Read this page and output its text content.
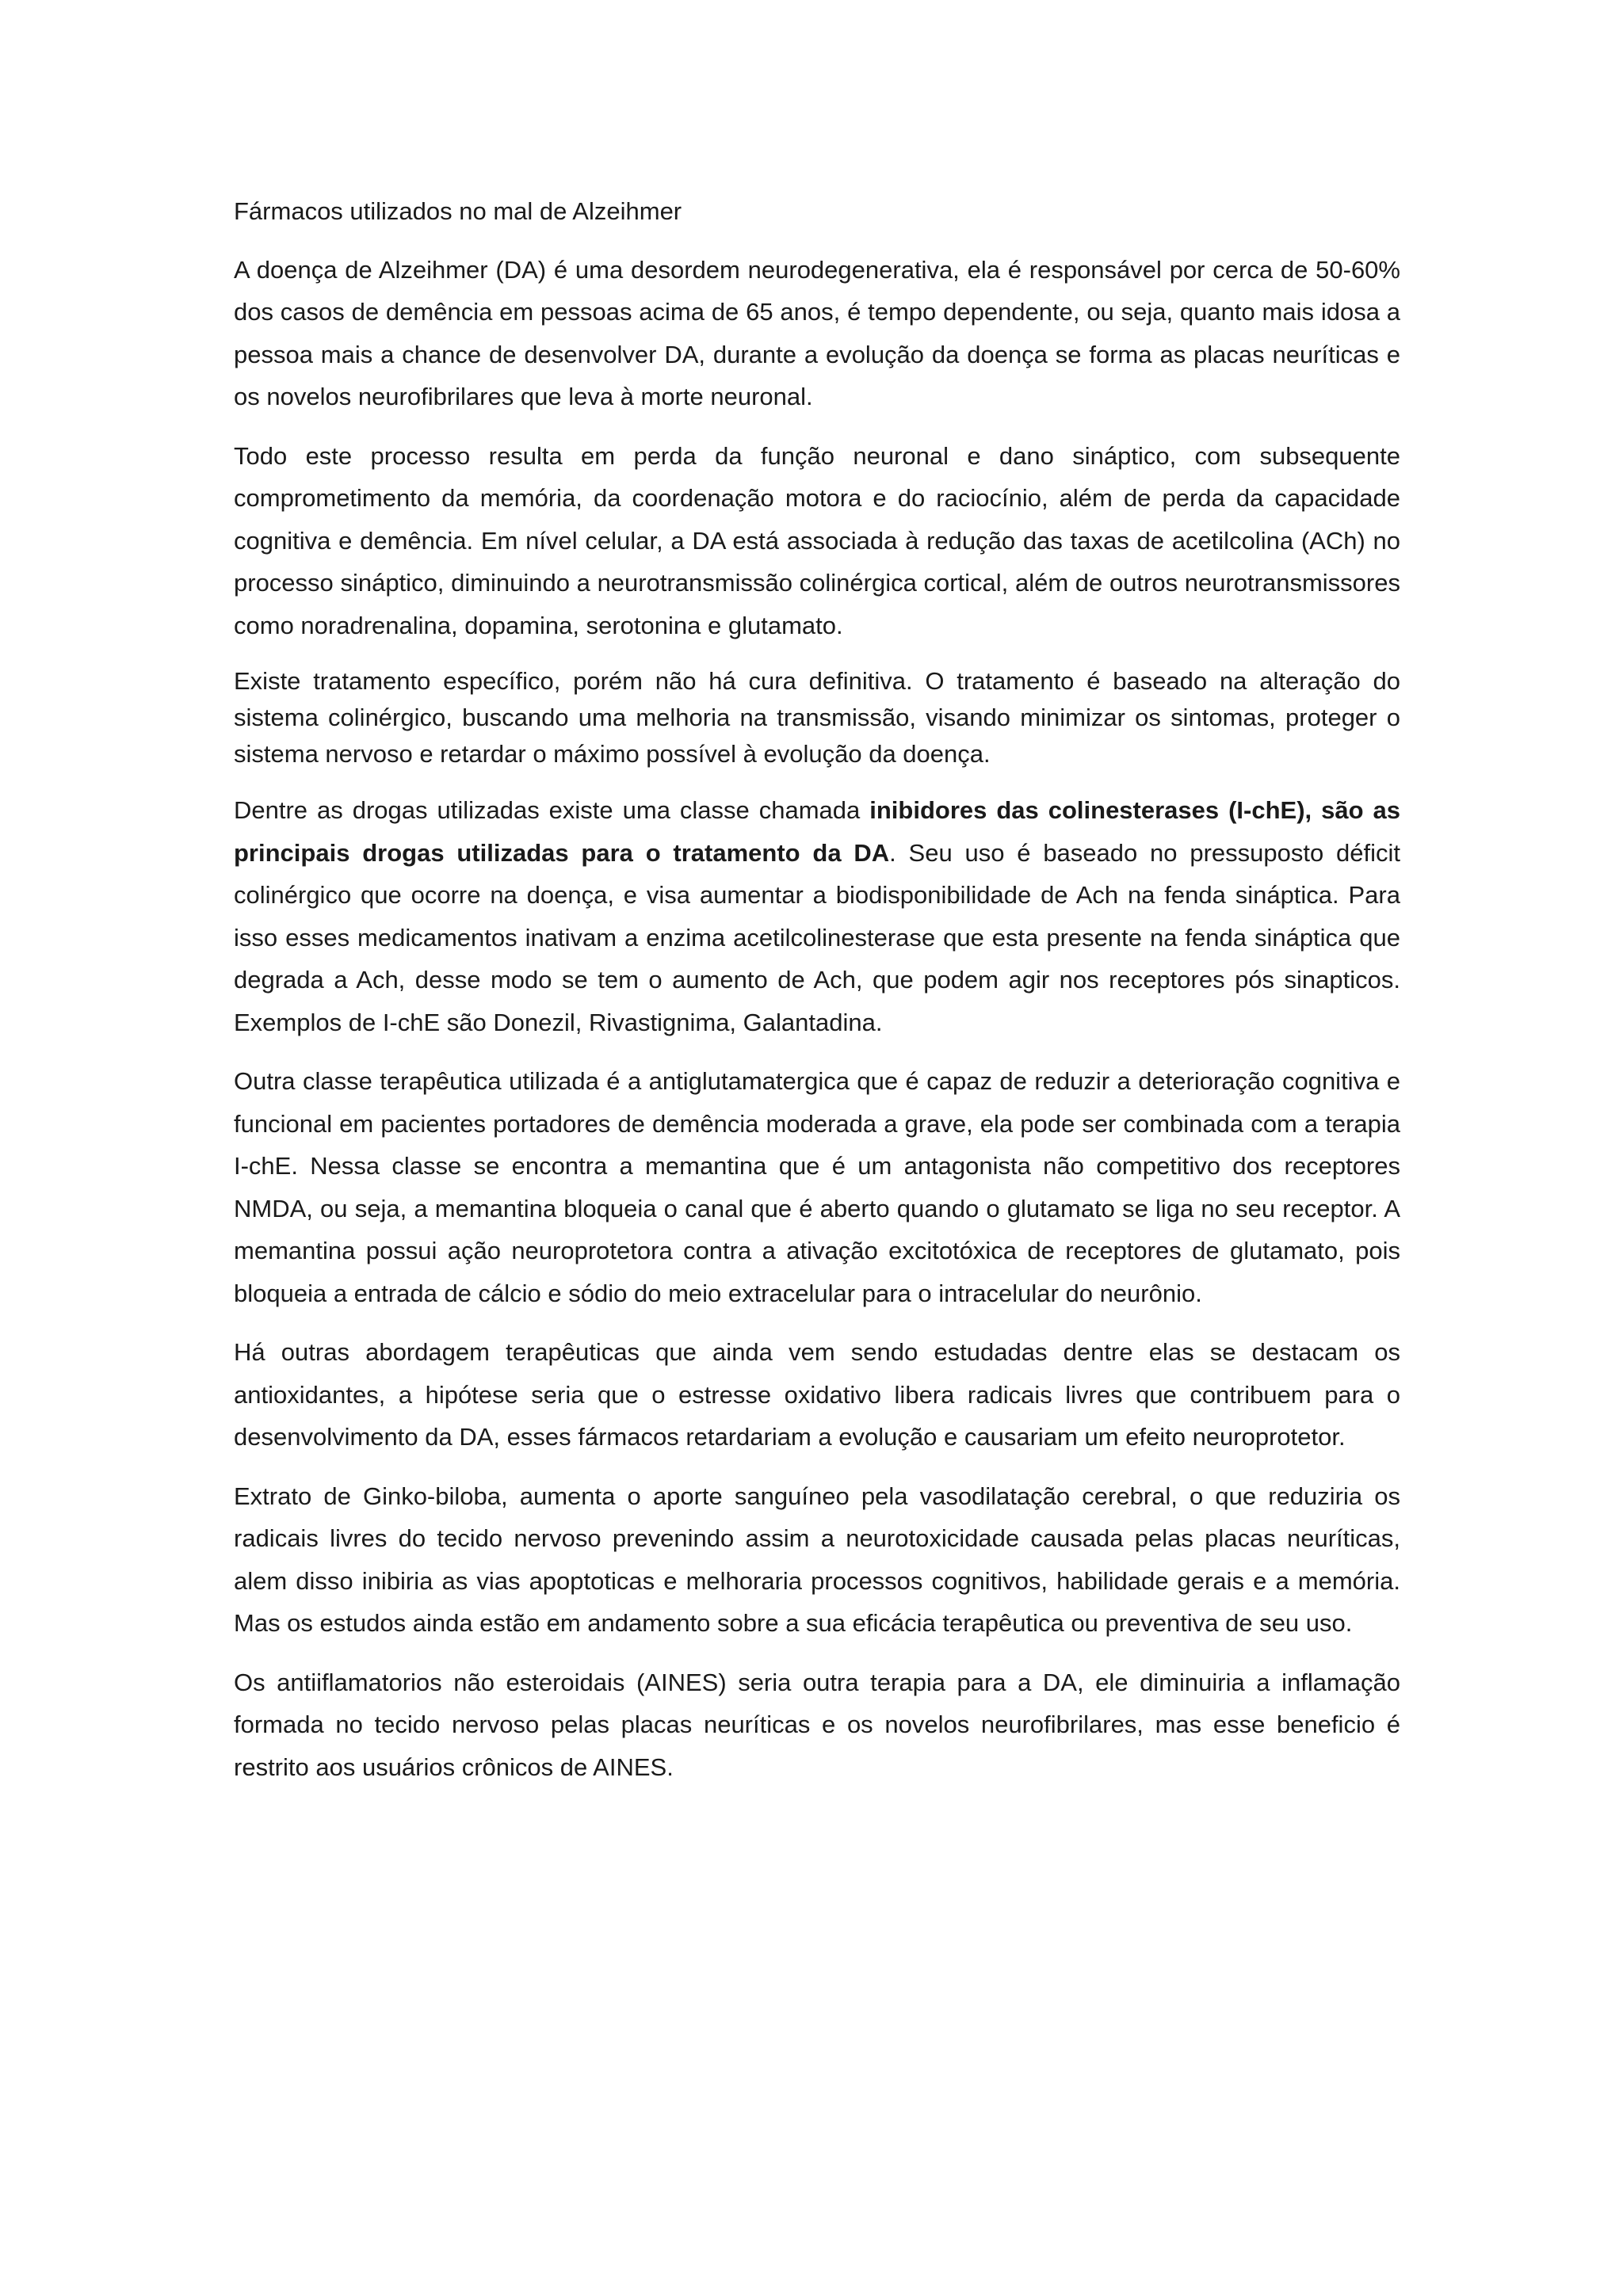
Fármacos utilizados no mal de Alzeihmer

A doença de Alzeihmer (DA) é uma desordem neurodegenerativa, ela é responsável por cerca de 50-60% dos casos de demência em pessoas acima de 65 anos, é tempo dependente, ou seja, quanto mais idosa a pessoa mais a chance de desenvolver DA, durante a evolução da doença se forma as placas neuríticas e os novelos neurofibrilares que leva à morte neuronal.

Todo este processo resulta em perda da função neuronal e dano sináptico, com subsequente comprometimento da memória, da coordenação motora e do raciocínio, além de perda da capacidade cognitiva e demência. Em nível celular, a DA está associada à redução das taxas de acetilcolina (ACh) no processo sináptico, diminuindo a neurotransmissão colinérgica cortical, além de outros neurotransmissores como noradrenalina, dopamina, serotonina e glutamato.

Existe tratamento específico, porém não há cura definitiva. O tratamento é baseado na alteração do sistema colinérgico, buscando uma melhoria na transmissão, visando minimizar os sintomas, proteger o sistema nervoso e retardar o máximo possível à evolução da doença.

Dentre as drogas utilizadas existe uma classe chamada inibidores das colinesterases (I-chE), são as principais drogas utilizadas para o tratamento da DA. Seu uso é baseado no pressuposto déficit colinérgico que ocorre na doença, e visa aumentar a biodisponibilidade de Ach na fenda sináptica. Para isso esses medicamentos inativam a enzima acetilcolinesterase que esta presente na fenda sináptica que degrada a Ach, desse modo se tem o aumento de Ach, que podem agir nos receptores pós sinapticos. Exemplos de I-chE são Donezil, Rivastignima, Galantadina.

Outra classe terapêutica utilizada é a antiglutamatergica que é capaz de reduzir a deterioração cognitiva e funcional em pacientes portadores de demência moderada a grave, ela pode ser combinada com a terapia I-chE. Nessa classe se encontra a memantina que é um antagonista não competitivo dos receptores NMDA, ou seja, a memantina bloqueia o canal que é aberto quando o glutamato se liga no seu receptor. A memantina possui ação neuroprotetora contra a ativação excitotóxica de receptores de glutamato, pois bloqueia a entrada de cálcio e sódio do meio extracelular para o intracelular do neurônio.

Há outras abordagem terapêuticas que ainda vem sendo estudadas dentre elas se destacam os antioxidantes, a hipótese seria que o estresse oxidativo libera radicais livres que contribuem para o desenvolvimento da DA, esses fármacos retardariam a evolução e causariam um efeito neuroprotetor.

Extrato de Ginko-biloba, aumenta o aporte sanguíneo pela vasodilatação cerebral, o que reduziria os radicais livres do tecido nervoso prevenindo assim a neurotoxicidade causada pelas placas neuríticas, alem disso inibiria as vias apoptoticas e melhoraria processos cognitivos, habilidade gerais e a memória. Mas os estudos ainda estão em andamento sobre a sua eficácia terapêutica ou preventiva de seu uso.

Os antiiflamatorios não esteroidais (AINES) seria outra terapia para a DA, ele diminuiria a inflamação formada no tecido nervoso pelas placas neuríticas e os novelos neurofibrilares, mas esse beneficio é restrito aos usuários crônicos de AINES.
